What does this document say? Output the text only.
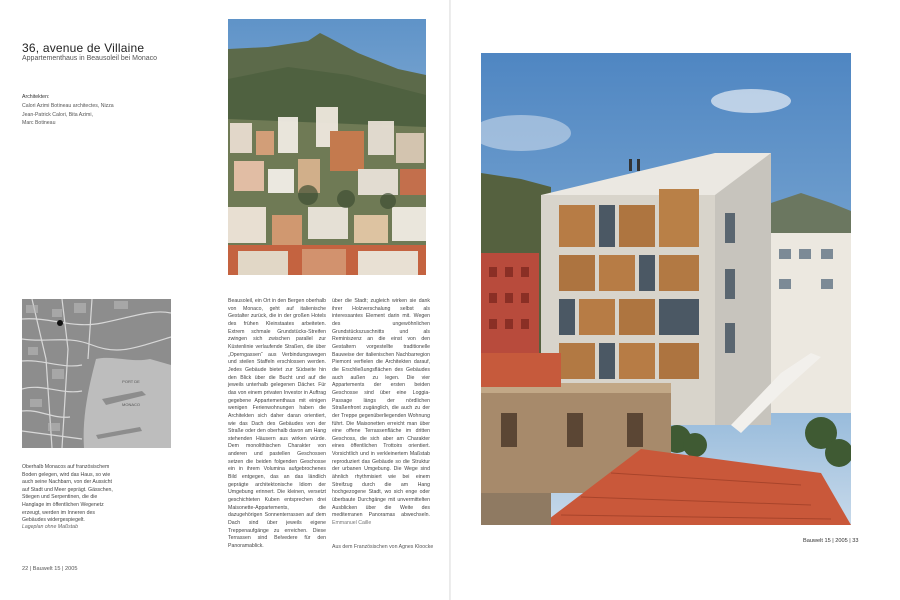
36, avenue de Villaine
Appartementhaus in Beausoleil bei Monaco
Architekten:
Calori Azimi Botineau architectes, Nizza
Jean-Patrick Calori, Bita Azimi,
Marc Botineau
PORT DE
MONACO
Oberhalb Monacos auf französischem Boden gelegen, wird das Haus, so wie auch seine Nachbarn, von der Aussicht auf Stadt und Meer geprägt. Gässchen, Stiegen und Serpentinen, die die Hanglage im öffentlichen Wegenetz erzeugt, werden im Inneren des Gebäudes widergespiegelt.
Lageplan ohne Maßstab

Beausoleil, ein Ort in den Bergen oberhalb von Monaco, geht auf italienische Gestalter zurück, die in der großen Hotels des frühen Kleinstaates arbeiteten. Extrem schmale Grundstücks-Streifen zwingen sich zwischen parallel zur Küstenlinie verlaufende Straßen, die über „Operngassen“ aus Verbindungswegen und steilen Staffeln erschlossen werden. Jedes Gebäude bietet zur Südseite hin den Blick über die Bucht und auf die jeweils unterhalb gelegenen Dächer. Für das von einem privaten Investor in Auftrag gegebene Appartementhaus mit einigen wenigen Ferienwohnungen haben die Architekten sich daher daran orientiert, wie das Dach des Gebäudes von der Straße oder den oberhalb davon am Hang stehenden Häusern aus wirken würde. Dem monolithischen Charakter von anderen und pastellen Geschossen setzen die beiden folgenden Geschosse ein in ihrem Volumina aufgebrochenes Bild entgegen, das an das ländlich geprägte architektonische Idiom der Umgebung erinnert. Die kleinen, versetzt geschichteten Kuben entsprechen drei Maisonette-Appartements, die dazugehörigen Sonnenterrassen auf dem Dach sind über jeweils eigene Treppenaufgänge zu erreichen. Diese Terrassen sind Belvedere für den Panoramablick.

über die Stadt; zugleich wirken sie dank ihrer Holzverschalung selbst als interessantes Element darin mit. Wegen des ungewöhnlichen Grundstückszuschnitts und als Reminiszenz an die einst von den Gestaltern vorgestellte traditionelle Bauweise der italienischen Nachbarregion Piemont verfielen die Architekten darauf, die Erschließungsflächen des Gebäudes auch außen zu legen. Die vier Appartements der ersten beiden Geschosse sind über eine Loggia-Passage längs der nördlichen Straßenfront zugänglich, die auch zu der der Treppe gegenüberliegenden Wohnung führt. Die Maisonetten erreicht man über eine offene Terrassenfläche im dritten Geschoss, die sich aber am Charakter eines öffentlichen Trottoirs orientiert. Vorsichtlich und in verkleinertem Maßstab reproduziert das Gebäude so die Struktur der urbanen Umgebung. Die Wege sind ähnlich rhythmisiert wie bei einem Streifzug durch die am Hang hochgezogene Stadt, wo sich enge oder überbaute Durchgänge mit unvermittelten Ausblicken über die Weite des mediterranen Panoramas abwechseln. Emmanuel Caille

Aus dem Französischen von Agnes Kloocke
22 | Bauwelt 15 | 2005
Bauwelt 15 | 2005 | 33
